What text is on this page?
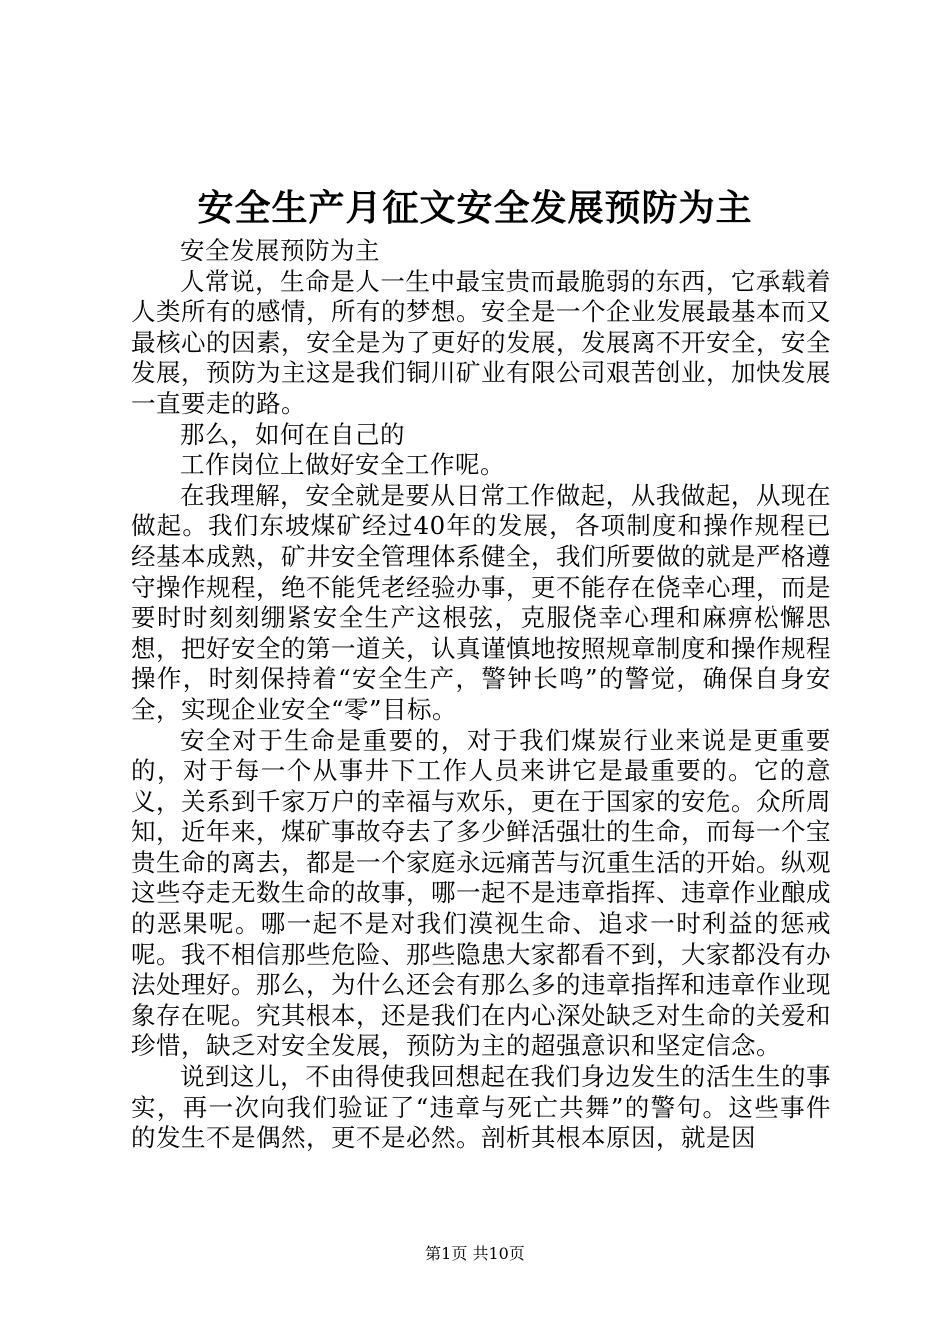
安全生产月征文安全发展预防为主

安全发展预防为主

人常说，生命是人一生中最宝贵而最脆弱的东西，它承载着人类所有的感情，所有的梦想。安全是一个企业发展最基本而又最核心的因素，安全是为了更好的发展，发展离不开安全，安全发展，预防为主这是我们铜川矿业有限公司艰苦创业，加快发展一直要走的路。

那么，如何在自己的

工作岗位上做好安全工作呢。

在我理解，安全就是要从日常工作做起，从我做起，从现在做起。我们东坡煤矿经过40年的发展，各项制度和操作规程已经基本成熟，矿井安全管理体系健全，我们所要做的就是严格遵守操作规程，绝不能凭老经验办事，更不能存在侥幸心理，而是要时时刻刻绷紧安全生产这根弦，克服侥幸心理和麻痹松懈思想，把好安全的第一道关，认真谨慎地按照规章制度和操作规程操作，时刻保持着“安全生产，警钟长鸣”的警觉，确保自身安全，实现企业安全“零”目标。

安全对于生命是重要的，对于我们煤炭行业来说是更重要的，对于每一个从事井下工作人员来讲它是最重要的。它的意义，关系到千家万户的幸福与欢乐，更在于国家的安危。众所周知，近年来，煤矿事故夺去了多少鲜活强壮的生命，而每一个宝贵生命的离去，都是一个家庭永远痛苦与沉重生活的开始。纵观这些夺走无数生命的故事，哪一起不是违章指挥、违章作业酿成的恶果呢。哪一起不是对我们漠视生命、追求一时利益的惩戒呢。我不相信那些危险、那些隐患大家都看不到，大家都没有办法处理好。那么，为什么还会有那么多的违章指挥和违章作业现象存在呢。究其根本，还是我们在内心深处缺乏对生命的关爱和珍惜，缺乏对安全发展，预防为主的超强意识和坚定信念。

说到这儿，不由得使我回想起在我们身边发生的活生生的事实，再一次向我们验证了“违章与死亡共舞”的警句。这些事件的发生不是偶然，更不是必然。剖析其根本原因，就是因

第1页 共10页
